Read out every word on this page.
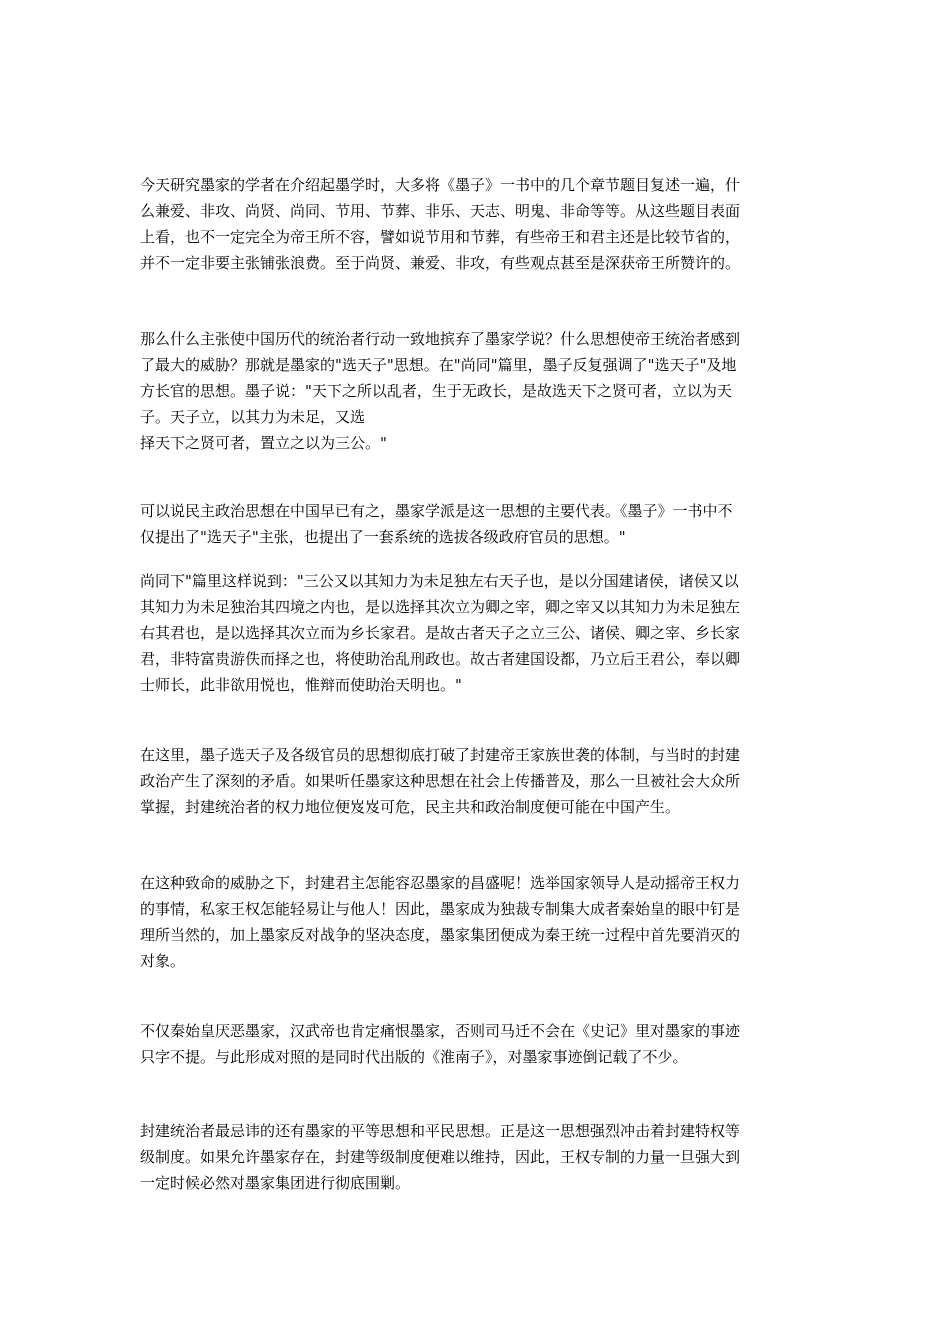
今天研究墨家的学者在介绍起墨学时，大多将《墨子》一书中的几个章节题目复述一遍，什
么兼爱、非攻、尚贤、尚同、节用、节葬、非乐、天志、明鬼、非命等等。从这些题目表面
上看，也不一定完全为帝王所不容，譬如说节用和节葬，有些帝王和君主还是比较节省的，
并不一定非要主张铺张浪费。至于尚贤、兼爱、非攻，有些观点甚至是深获帝王所赞许的。
那么什么主张使中国历代的统治者行动一致地摈弃了墨家学说？什么思想使帝王统治者感到
了最大的威胁？那就是墨家的"选天子"思想。在"尚同"篇里，墨子反复强调了"选天子"及地
方长官的思想。墨子说："天下之所以乱者，生于无政长，是故选天下之贤可者，立以为天
子。天子立，以其力为未足，又选
择天下之贤可者，置立之以为三公。"
可以说民主政治思想在中国早已有之，墨家学派是这一思想的主要代表。《墨子》一书中不
仅提出了"选天子"主张，也提出了一套系统的选拔各级政府官员的思想。"
尚同下"篇里这样说到："三公又以其知力为未足独左右天子也，是以分国建诸侯，诸侯又以
其知力为未足独治其四境之内也，是以选择其次立为卿之宰，卿之宰又以其知力为未足独左
右其君也，是以选择其次立而为乡长家君。是故古者天子之立三公、诸侯、卿之宰、乡长家
君，非特富贵游佚而择之也，将使助治乱刑政也。故古者建国设都，乃立后王君公，奉以卿
士师长，此非欲用悦也，惟辩而使助治天明也。"
在这里，墨子选天子及各级官员的思想彻底打破了封建帝王家族世袭的体制，与当时的封建
政治产生了深刻的矛盾。如果听任墨家这种思想在社会上传播普及，那么一旦被社会大众所
掌握，封建统治者的权力地位便岌岌可危，民主共和政治制度便可能在中国产生。
在这种致命的威胁之下，封建君主怎能容忍墨家的昌盛呢！选举国家领导人是动摇帝王权力
的事情，私家王权怎能轻易让与他人！因此，墨家成为独裁专制集大成者秦始皇的眼中钉是
理所当然的，加上墨家反对战争的坚决态度，墨家集团便成为秦王统一过程中首先要消灭的
对象。
不仅秦始皇厌恶墨家，汉武帝也肯定痛恨墨家，否则司马迁不会在《史记》里对墨家的事迹
只字不提。与此形成对照的是同时代出版的《淮南子》，对墨家事迹倒记载了不少。
封建统治者最忌讳的还有墨家的平等思想和平民思想。正是这一思想强烈冲击着封建特权等
级制度。如果允许墨家存在，封建等级制度便难以维持，因此，王权专制的力量一旦强大到
一定时候必然对墨家集团进行彻底围剿。
